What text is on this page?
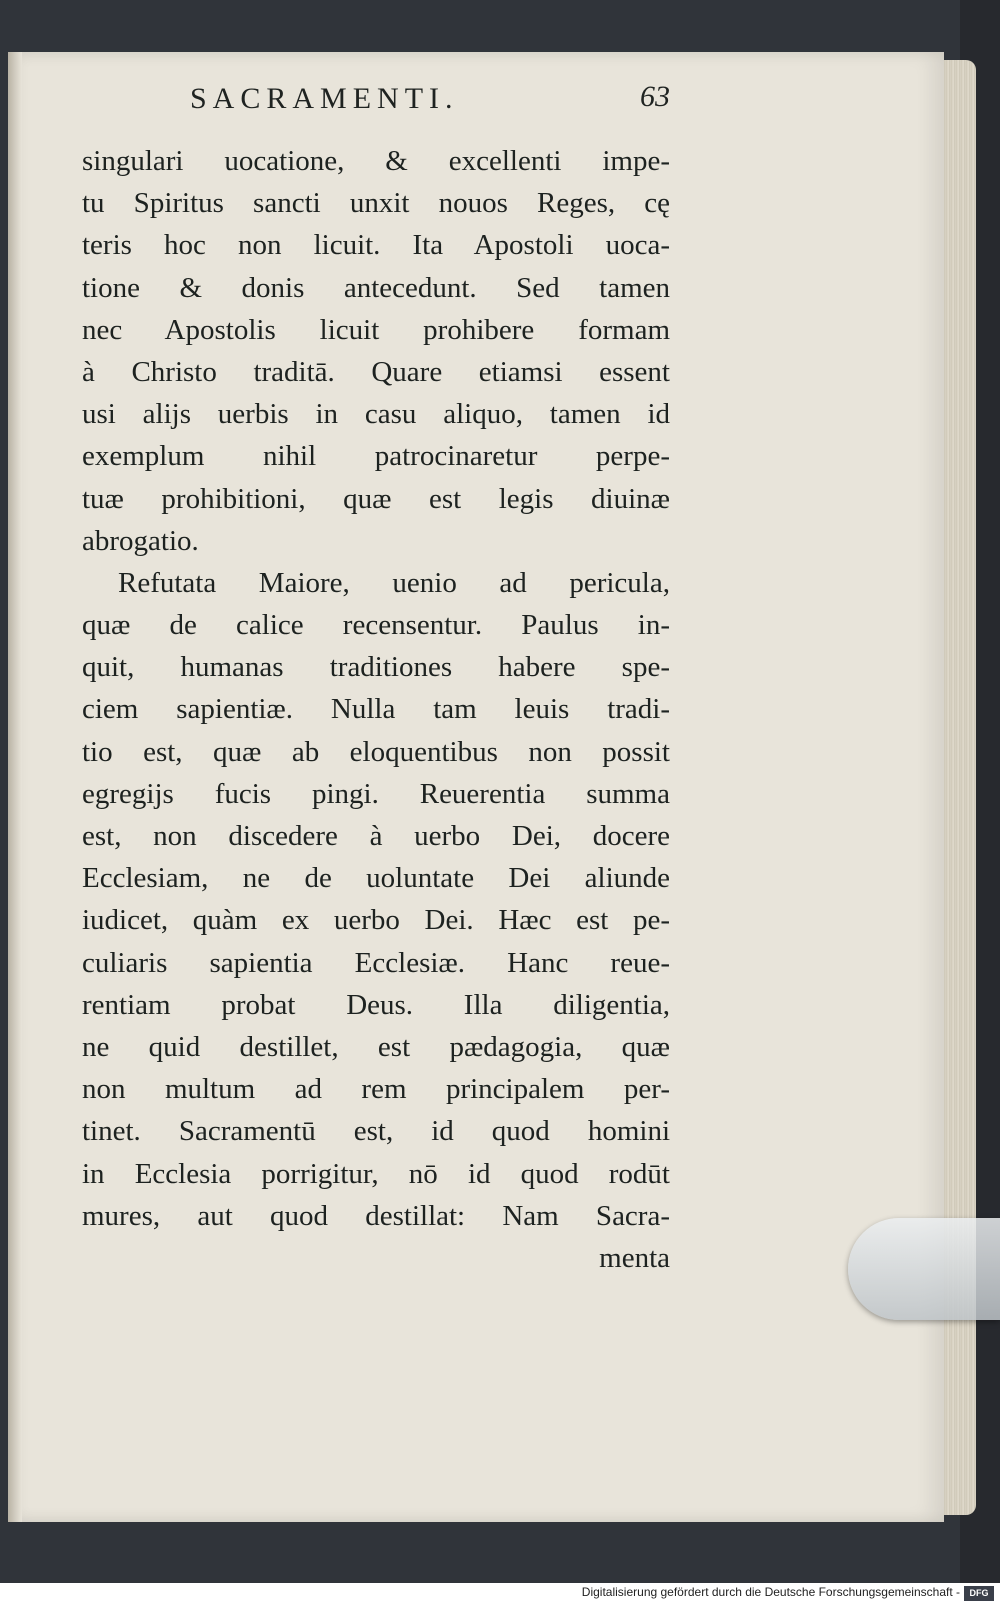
SACRAMENTI.	63
singulari uocatione, & excellenti impe-
tu Spiritus sancti unxit nouos Reges, cę
teris hoc non licuit. Ita Apostoli uoca-
tione & donis antecedunt. Sed tamen
nec Apostolis licuit prohibere formam
à Christo traditā. Quare etiamsi essent
usi alijs uerbis in casu aliquo, tamen id
exemplum nihil patrocinaretur perpe-
tuæ prohibitioni, quæ est legis diuinæ
abrogatio.
Refutata Maiore, uenio ad pericula,
quæ de calice recensentur. Paulus in-
quit, humanas traditiones habere spe-
ciem sapientiæ. Nulla tam leuis tradi-
tio est, quæ ab eloquentibus non possit
egregijs fucis pingi. Reuerentia summa
est, non discedere à uerbo Dei, docere
Ecclesiam, ne de uoluntate Dei aliunde
iudicet, quàm ex uerbo Dei. Hæc est pe-
culiaris sapientia Ecclesiæ. Hanc reue-
rentiam probat Deus. Illa diligentia,
ne quid destillet, est pædagogia, quæ
non multum ad rem principalem per-
tinet. Sacramentū est, id quod homini
in Ecclesia porrigitur, nō id quod rodūt
mures, aut quod destillat: Nam Sacra-
menta
Digitalisierung gefördert durch die Deutsche Forschungsgemeinschaft -	DFG
